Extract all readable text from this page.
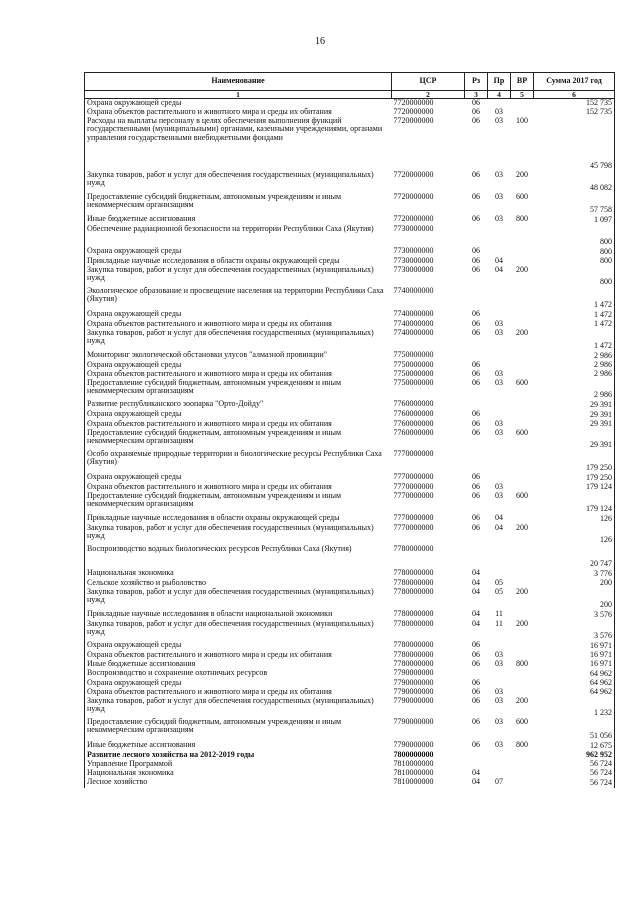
16
Наименование	ЦСР	Рз	Пр	ВР	Сумма 2017 год
1	2	3	4	5	6
Охрана окружающей среды	7720000000	06			152 735
Охрана объектов растительного и животного мира и среды их обитания	7720000000	06	03		152 735
Расходы на выплаты персоналу в целях обеспечения выполнения функций государственными (муниципальными) органами, казенными учреждениями, органами управления государственными внебюджетными фондами	7720000000	06	03	100	45 798
Закупка товаров, работ и услуг для обеспечения государственных (муниципальных) нужд	7720000000	06	03	200	48 082
Предоставление субсидий бюджетным, автономным учреждениям и иным некоммерческим организациям	7720000000	06	03	600	57 758
Иные бюджетные ассигнования	7720000000	06	03	800	1 097
Обеспечение радиационной безопасности на территории Республики Саха (Якутия)	7730000000				800
Охрана окружающей среды	7730000000	06			800
Прикладные научные исследования в области охраны окружающей среды	7730000000	06	04		800
Закупка товаров, работ и услуг для обеспечения государственных (муниципальных) нужд	7730000000	06	04	200	800
Экологическое образование и просвещение населения на территории Республики Саха (Якутия)	7740000000				1 472
Охрана окружающей среды	7740000000	06			1 472
Охрана объектов растительного и животного мира и среды их обитания	7740000000	06	03		1 472
Закупка товаров, работ и услуг для обеспечения государственных (муниципальных) нужд	7740000000	06	03	200	1 472
Мониторинг экологической обстановки улусов "алмазной провинции"	7750000000				2 986
Охрана окружающей среды	7750000000	06			2 986
Охрана объектов растительного и животного мира и среды их обитания	7750000000	06	03		2 986
Предоставление субсидий бюджетным, автономным учреждениям и иным некоммерческим организациям	7750000000	06	03	600	2 986
Развитие республиканского зоопарка "Орто-Дойду"	7760000000				29 391
Охрана окружающей среды	7760000000	06			29 391
Охрана объектов растительного и животного мира и среды их обитания	7760000000	06	03		29 391
Предоставление субсидий бюджетным, автономным учреждениям и иным некоммерческим организациям	7760000000	06	03	600	29 391
Особо охраняемые природные территории и биологические ресурсы Республики Саха (Якутия)	7770000000				179 250
Охрана окружающей среды	7770000000	06			179 250
Охрана объектов растительного и животного мира и среды их обитания	7770000000	06	03		179 124
Предоставление субсидий бюджетным, автономным учреждениям и иным некоммерческим организациям	7770000000	06	03	600	179 124
Прикладные научные исследования в области охраны окружающей среды	7770000000	06	04		126
Закупка товаров, работ и услуг для обеспечения государственных (муниципальных) нужд	7770000000	06	04	200	126
Воспроизводство водных биологических ресурсов Республики Саха (Якутия)	7780000000				20 747
Национальная экономика	7780000000	04			3 776
Сельское хозяйство и рыболовство	7780000000	04	05		200
Закупка товаров, работ и услуг для обеспечения государственных (муниципальных) нужд	7780000000	04	05	200	200
Прикладные научные исследования в области национальной экономики	7780000000	04	11		3 576
Закупка товаров, работ и услуг для обеспечения государственных (муниципальных) нужд	7780000000	04	11	200	3 576
Охрана окружающей среды	7780000000	06			16 971
Охрана объектов растительного и животного мира и среды их обитания	7780000000	06	03		16 971
Иные бюджетные ассигнования	7780000000	06	03	800	16 971
Воспроизводство и сохранение охотничьих ресурсов	7790000000				64 962
Охрана окружающей среды	7790000000	06			64 962
Охрана объектов растительного и животного мира и среды их обитания	7790000000	06	03		64 962
Закупка товаров, работ и услуг для обеспечения государственных (муниципальных) нужд	7790000000	06	03	200	1 232
Предоставление субсидий бюджетным, автономным учреждениям и иным некоммерческим организациям	7790000000	06	03	600	51 056
Иные бюджетные ассигнования	7790000000	06	03	800	12 675
Развитие лесного хозяйства на 2012-2019 годы	7800000000				962 952
Управление Программой	7810000000				56 724
Национальная экономика	7810000000	04			56 724
Лесное хозяйство	7810000000	04	07		56 724
